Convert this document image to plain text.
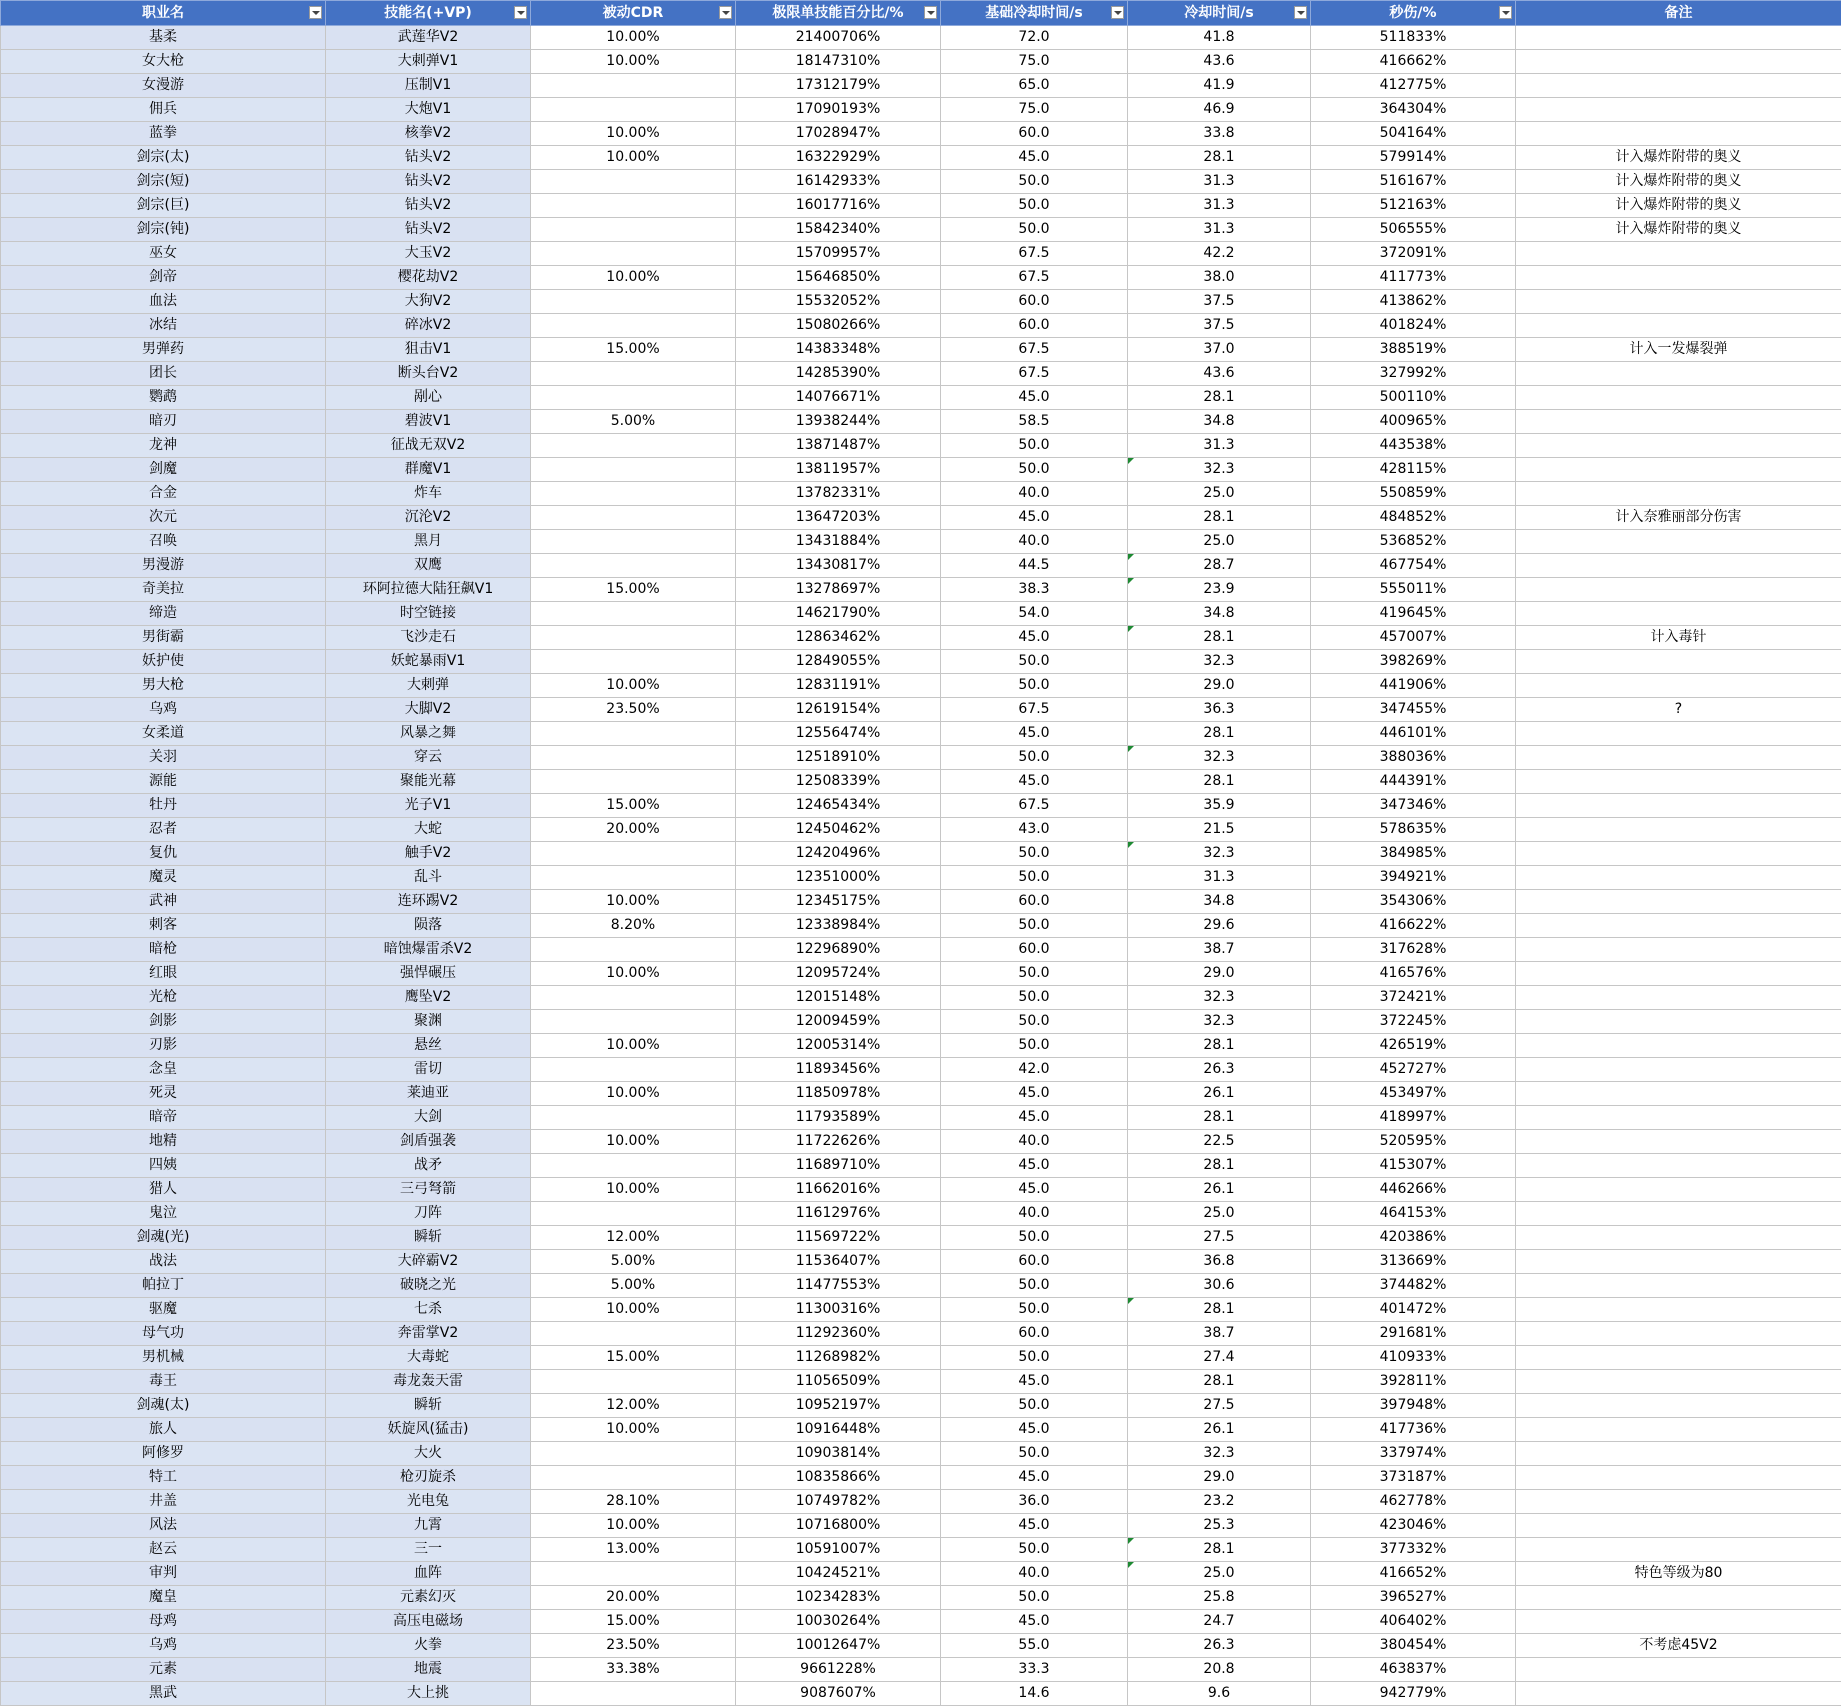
职业名	技能名(+VP)	被动CDR	极限单技能百分比/%	基础冷却时间/s	冷却时间/s	秒伤/%	备注
基柔	武莲华V2	10.00%	21400706%	72.0	41.8	511833%	
女大枪	大刺弹V1	10.00%	18147310%	75.0	43.6	416662%	
女漫游	压制V1		17312179%	65.0	41.9	412775%	
佣兵	大炮V1		17090193%	75.0	46.9	364304%	
蓝拳	核拳V2	10.00%	17028947%	60.0	33.8	504164%	
剑宗(太)	钻头V2	10.00%	16322929%	45.0	28.1	579914%	计入爆炸附带的奥义
剑宗(短)	钻头V2		16142933%	50.0	31.3	516167%	计入爆炸附带的奥义
剑宗(巨)	钻头V2		16017716%	50.0	31.3	512163%	计入爆炸附带的奥义
剑宗(钝)	钻头V2		15842340%	50.0	31.3	506555%	计入爆炸附带的奥义
巫女	大玉V2		15709957%	67.5	42.2	372091%	
剑帝	樱花劫V2	10.00%	15646850%	67.5	38.0	411773%	
血法	大狗V2		15532052%	60.0	37.5	413862%	
冰结	碎冰V2		15080266%	60.0	37.5	401824%	
男弹药	狙击V1	15.00%	14383348%	67.5	37.0	388519%	计入一发爆裂弹
团长	断头台V2		14285390%	67.5	43.6	327992%	
鹦鹉	剐心		14076671%	45.0	28.1	500110%	
暗刃	碧波V1	5.00%	13938244%	58.5	34.8	400965%	
龙神	征战无双V2		13871487%	50.0	31.3	443538%	
剑魔	群魔V1		13811957%	50.0	32.3	428115%	
合金	炸车		13782331%	40.0	25.0	550859%	
次元	沉沦V2		13647203%	45.0	28.1	484852%	计入奈雅丽部分伤害
召唤	黑月		13431884%	40.0	25.0	536852%	
男漫游	双鹰		13430817%	44.5	28.7	467754%	
奇美拉	环阿拉德大陆狂飙V1	15.00%	13278697%	38.3	23.9	555011%	
缔造	时空链接		14621790%	54.0	34.8	419645%	
男街霸	飞沙走石		12863462%	45.0	28.1	457007%	计入毒针
妖护使	妖蛇暴雨V1		12849055%	50.0	32.3	398269%	
男大枪	大刺弹	10.00%	12831191%	50.0	29.0	441906%	
乌鸡	大脚V2	23.50%	12619154%	67.5	36.3	347455%	?
女柔道	风暴之舞		12556474%	45.0	28.1	446101%	
关羽	穿云		12518910%	50.0	32.3	388036%	
源能	聚能光幕		12508339%	45.0	28.1	444391%	
牡丹	光子V1	15.00%	12465434%	67.5	35.9	347346%	
忍者	大蛇	20.00%	12450462%	43.0	21.5	578635%	
复仇	触手V2		12420496%	50.0	32.3	384985%	
魔灵	乱斗		12351000%	50.0	31.3	394921%	
武神	连环踢V2	10.00%	12345175%	60.0	34.8	354306%	
刺客	陨落	8.20%	12338984%	50.0	29.6	416622%	
暗枪	暗蚀爆雷杀V2		12296890%	60.0	38.7	317628%	
红眼	强悍碾压	10.00%	12095724%	50.0	29.0	416576%	
光枪	鹰坠V2		12015148%	50.0	32.3	372421%	
剑影	聚渊		12009459%	50.0	32.3	372245%	
刃影	悬丝	10.00%	12005314%	50.0	28.1	426519%	
念皇	雷切		11893456%	42.0	26.3	452727%	
死灵	莱迪亚	10.00%	11850978%	45.0	26.1	453497%	
暗帝	大剑		11793589%	45.0	28.1	418997%	
地精	剑盾强袭	10.00%	11722626%	40.0	22.5	520595%	
四姨	战矛		11689710%	45.0	28.1	415307%	
猎人	三弓弩箭	10.00%	11662016%	45.0	26.1	446266%	
鬼泣	刀阵		11612976%	40.0	25.0	464153%	
剑魂(光)	瞬斩	12.00%	11569722%	50.0	27.5	420386%	
战法	大碎霸V2	5.00%	11536407%	60.0	36.8	313669%	
帕拉丁	破晓之光	5.00%	11477553%	50.0	30.6	374482%	
驱魔	七杀	10.00%	11300316%	50.0	28.1	401472%	
母气功	奔雷掌V2		11292360%	60.0	38.7	291681%	
男机械	大毒蛇	15.00%	11268982%	50.0	27.4	410933%	
毒王	毒龙轰天雷		11056509%	45.0	28.1	392811%	
剑魂(太)	瞬斩	12.00%	10952197%	50.0	27.5	397948%	
旅人	妖旋风(猛击)	10.00%	10916448%	45.0	26.1	417736%	
阿修罗	大火		10903814%	50.0	32.3	337974%	
特工	枪刃旋杀		10835866%	45.0	29.0	373187%	
井盖	光电兔	28.10%	10749782%	36.0	23.2	462778%	
风法	九霄	10.00%	10716800%	45.0	25.3	423046%	
赵云	三一	13.00%	10591007%	50.0	28.1	377332%	
审判	血阵		10424521%	40.0	25.0	416652%	特色等级为80
魔皇	元素幻灭	20.00%	10234283%	50.0	25.8	396527%	
母鸡	高压电磁场	15.00%	10030264%	45.0	24.7	406402%	
乌鸡	火拳	23.50%	10012647%	55.0	26.3	380454%	不考虑45V2
元素	地震	33.38%	9661228%	33.3	20.8	463837%	
黑武	大上挑		9087607%	14.6	9.6	942779%	
